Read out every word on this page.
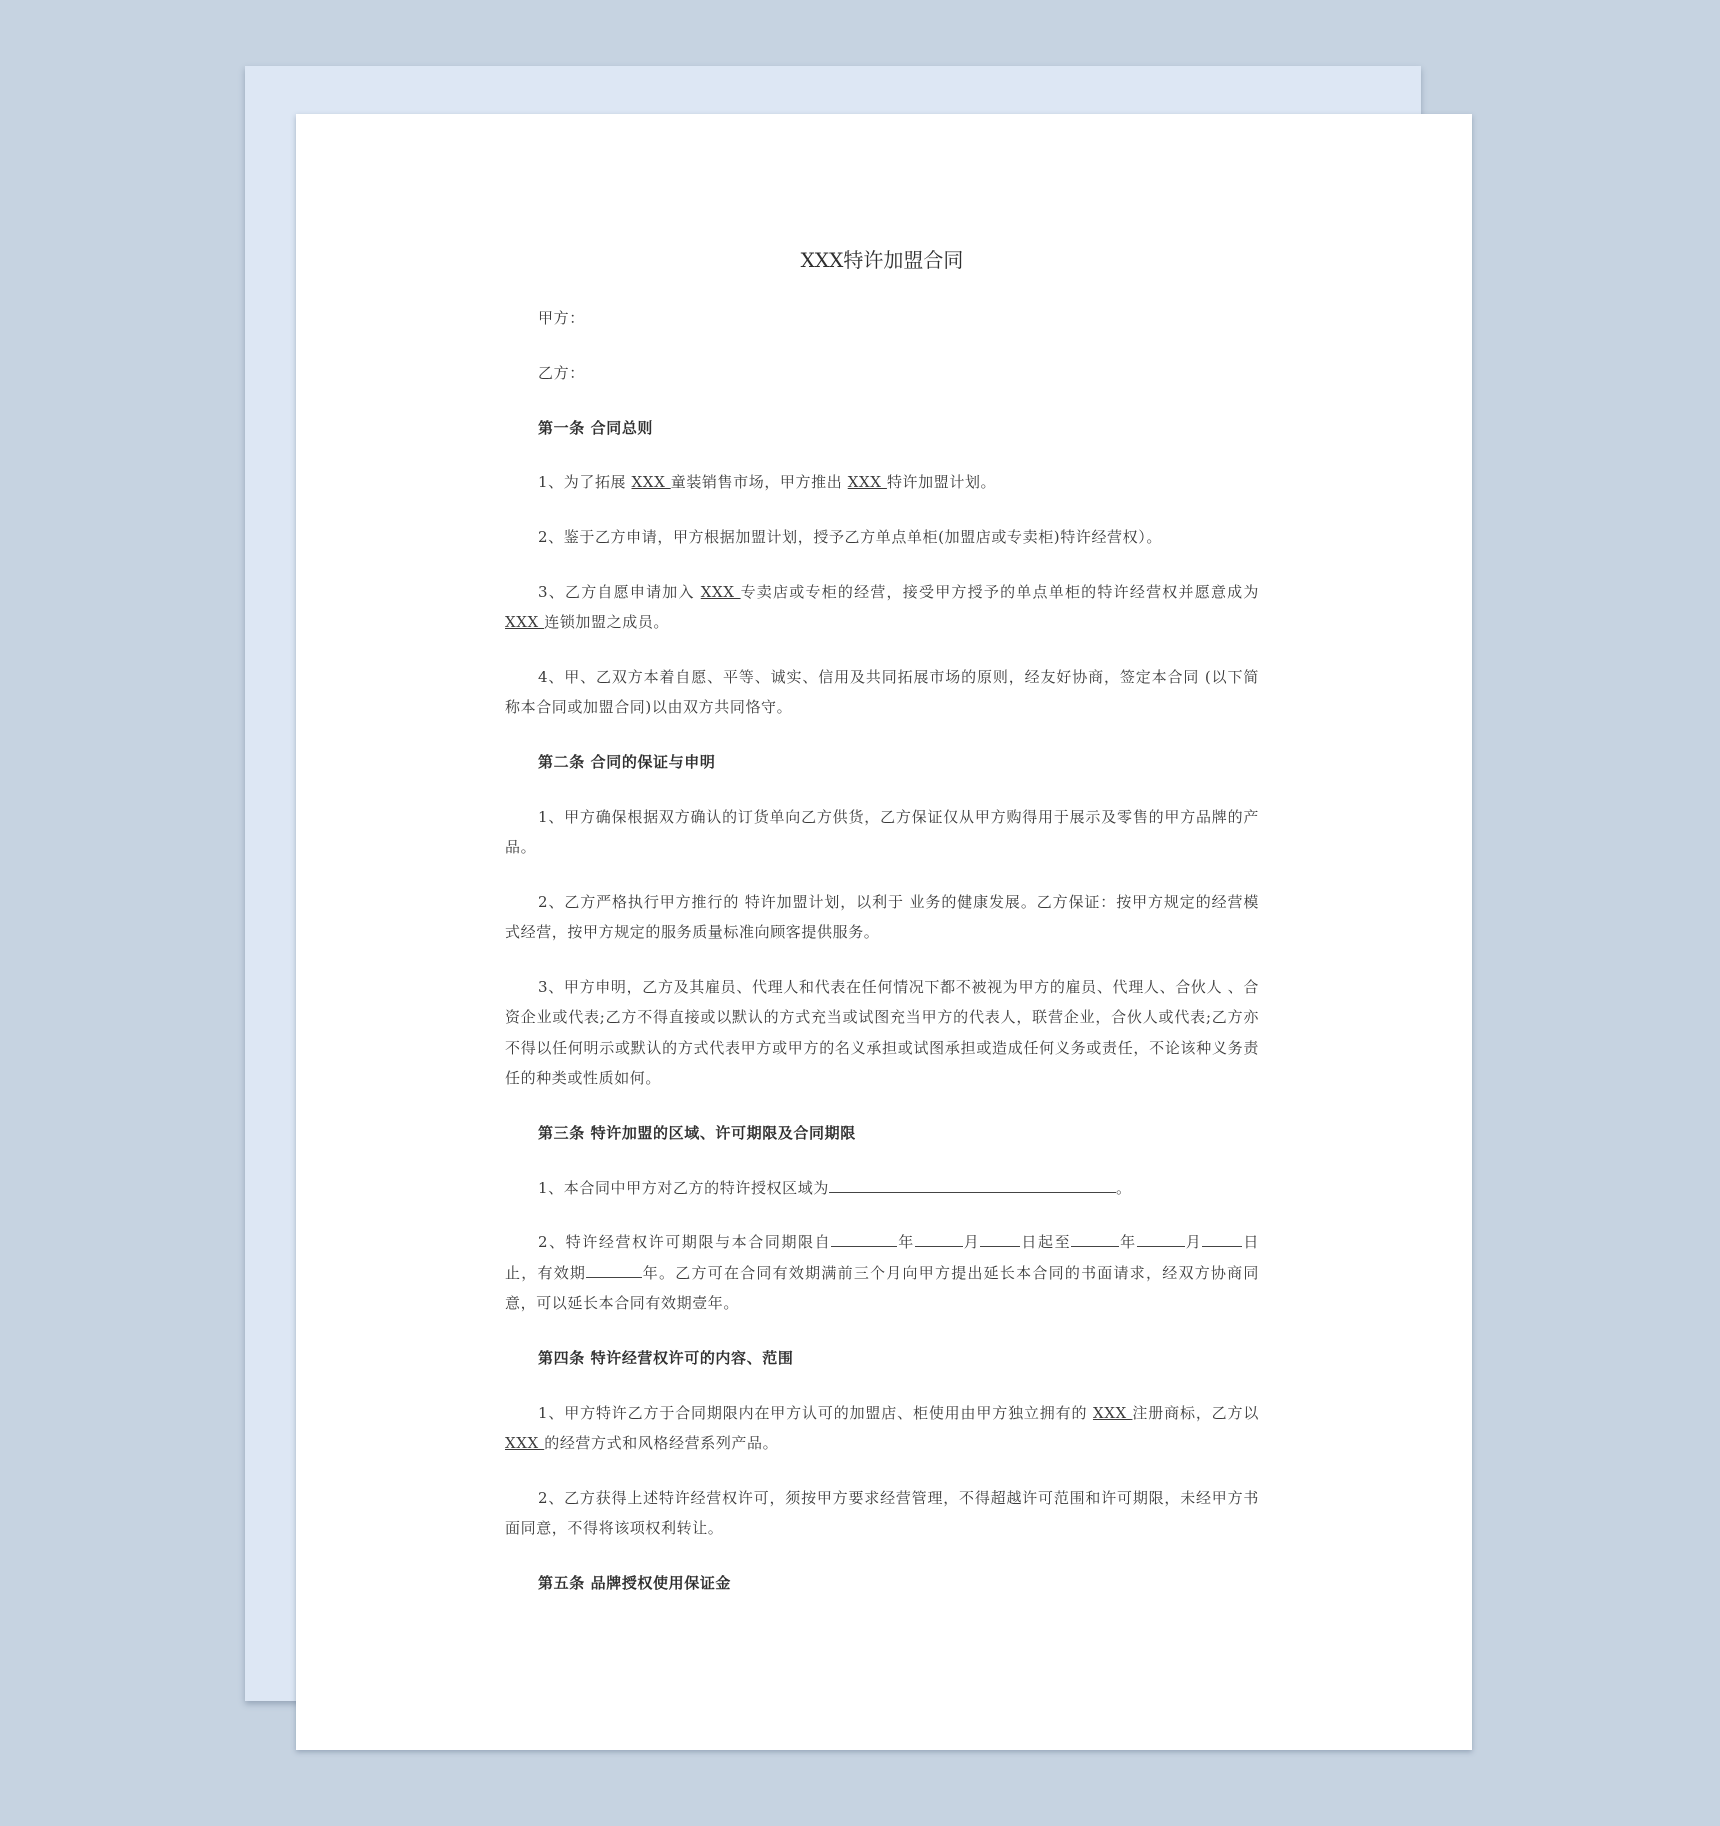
XXX特许加盟合同

甲方：

乙方：

第一条 合同总则

1、为了拓展 XXX 童装销售市场，甲方推出 XXX 特许加盟计划。

2、鉴于乙方申请，甲方根据加盟计划，授予乙方单点单柜(加盟店或专卖柜)特许经营权）。

3、乙方自愿申请加入 XXX 专卖店或专柜的经营，接受甲方授予的单点单柜的特许经营权并愿意成为XXX 连锁加盟之成员。

4、甲、乙双方本着自愿、平等、诚实、信用及共同拓展市场的原则，经友好协商，签定本合同 (以下简称本合同或加盟合同)以由双方共同恪守。

第二条 合同的保证与申明

1、甲方确保根据双方确认的订货单向乙方供货，乙方保证仅从甲方购得用于展示及零售的甲方品牌的产品。

2、乙方严格执行甲方推行的 特许加盟计划，以利于 业务的健康发展。乙方保证：按甲方规定的经营模式经营，按甲方规定的服务质量标准向顾客提供服务。

3、甲方申明，乙方及其雇员、代理人和代表在任何情况下都不被视为甲方的雇员、代理人、合伙人 、合资企业或代表;乙方不得直接或以默认的方式充当或试图充当甲方的代表人，联营企业，合伙人或代表;乙方亦不得以任何明示或默认的方式代表甲方或甲方的名义承担或试图承担或造成任何义务或责任，不论该种义务责任的种类或性质如何。

第三条 特许加盟的区域、许可期限及合同期限

1、本合同中甲方对乙方的特许授权区域为	。

2、特许经营权许可期限与本合同期限自	年	月	日起至	年	月	日止，有效期	年。乙方可在合同有效期满前三个月向甲方提出延长本合同的书面请求，经双方协商同意，可以延长本合同有效期壹年。

第四条 特许经营权许可的内容、范围

1、甲方特许乙方于合同期限内在甲方认可的加盟店、柜使用由甲方独立拥有的 XXX 注册商标，乙方以 XXX 的经营方式和风格经营系列产品。

2、乙方获得上述特许经营权许可，须按甲方要求经营管理，不得超越许可范围和许可期限，未经甲方书面同意，不得将该项权利转让。

第五条 品牌授权使用保证金
